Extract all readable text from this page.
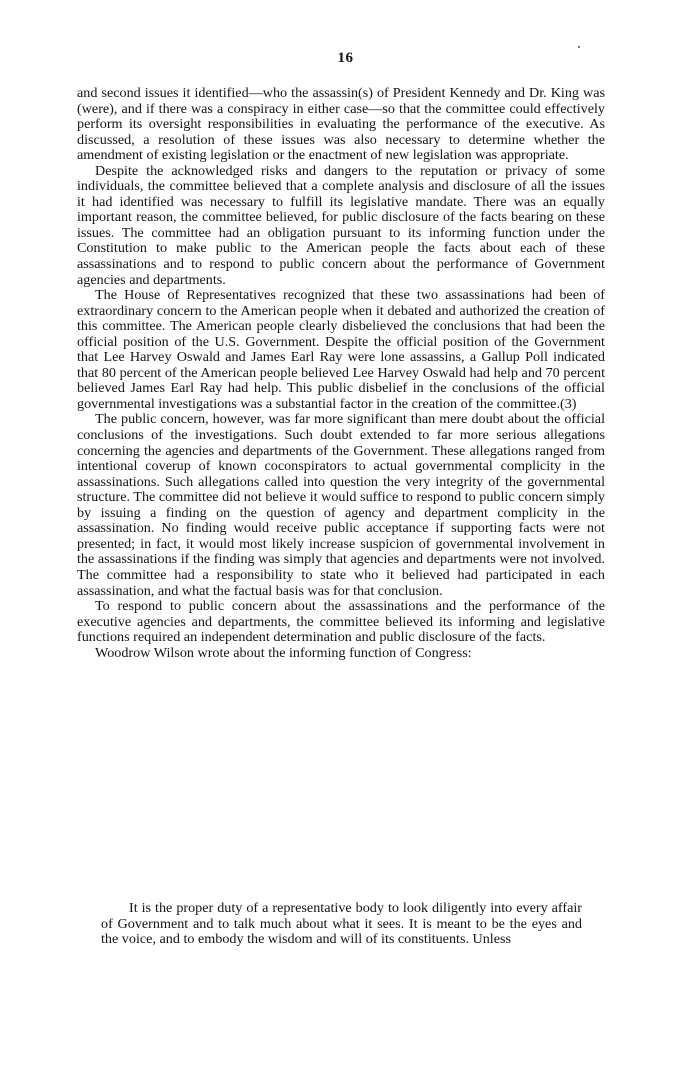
16

and second issues it identified—who the assassin(s) of President Kennedy and Dr. King was (were), and if there was a conspiracy in either case—so that the committee could effectively perform its oversight responsibilities in evaluating the performance of the executive. As discussed, a resolution of these issues was also necessary to determine whether the amendment of existing legislation or the enactment of new legislation was appropriate.

Despite the acknowledged risks and dangers to the reputation or privacy of some individuals, the committee believed that a complete analysis and disclosure of all the issues it had identified was necessary to fulfill its legislative mandate. There was an equally important reason, the committee believed, for public disclosure of the facts bearing on these issues. The committee had an obligation pursuant to its informing function under the Constitution to make public to the American people the facts about each of these assassinations and to respond to public concern about the performance of Government agencies and departments.

The House of Representatives recognized that these two assassinations had been of extraordinary concern to the American people when it debated and authorized the creation of this committee. The American people clearly disbelieved the conclusions that had been the official position of the U.S. Government. Despite the official position of the Government that Lee Harvey Oswald and James Earl Ray were lone assassins, a Gallup Poll indicated that 80 percent of the American people believed Lee Harvey Oswald had help and 70 percent believed James Earl Ray had help. This public disbelief in the conclusions of the official governmental investigations was a substantial factor in the creation of the committee.(3)

The public concern, however, was far more significant than mere doubt about the official conclusions of the investigations. Such doubt extended to far more serious allegations concerning the agencies and departments of the Government. These allegations ranged from intentional coverup of known coconspirators to actual governmental complicity in the assassinations. Such allegations called into question the very integrity of the governmental structure. The committee did not believe it would suffice to respond to public concern simply by issuing a finding on the question of agency and department complicity in the assassination. No finding would receive public acceptance if supporting facts were not presented; in fact, it would most likely increase suspicion of governmental involvement in the assassinations if the finding was simply that agencies and departments were not involved. The committee had a responsibility to state who it believed had participated in each assassination, and what the factual basis was for that conclusion.

To respond to public concern about the assassinations and the performance of the executive agencies and departments, the committee believed its informing and legislative functions required an independent determination and public disclosure of the facts.

Woodrow Wilson wrote about the informing function of Congress:

It is the proper duty of a representative body to look diligently into every affair of Government and to talk much about what it sees. It is meant to be the eyes and the voice, and to embody the wisdom and will of its constituents. Unless
